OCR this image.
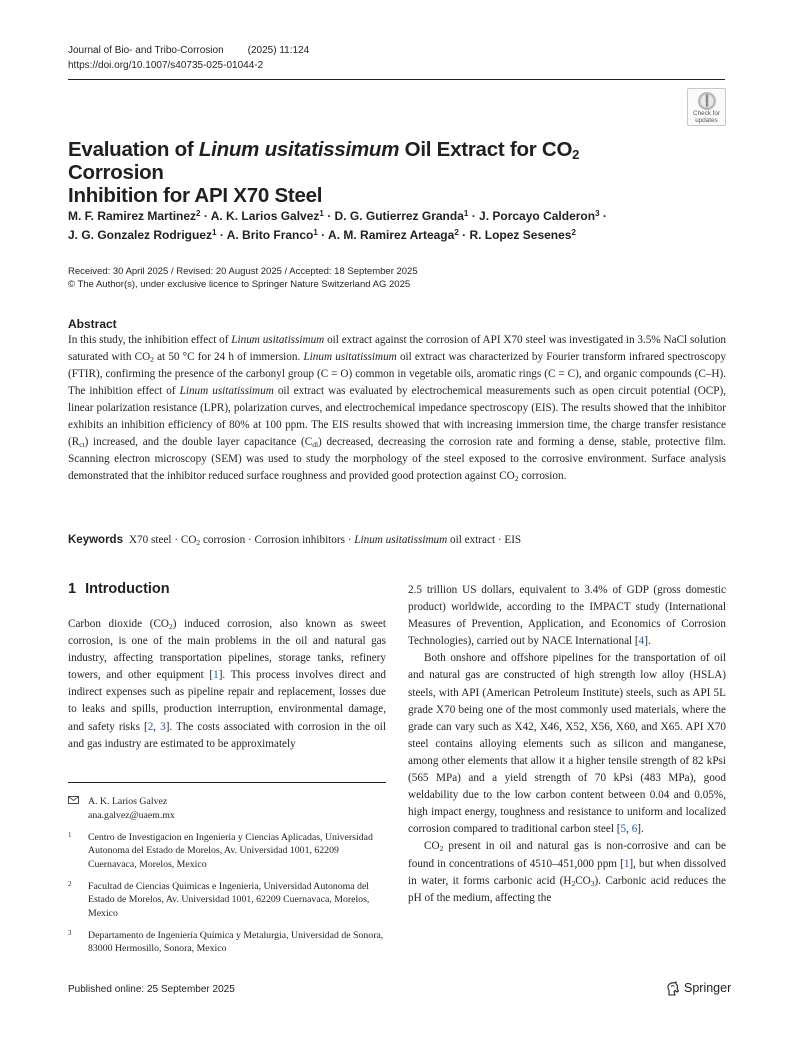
Journal of Bio- and Tribo-Corrosion (2025) 11:124
https://doi.org/10.1007/s40735-025-01044-2
Check for
updates
Evaluation of Linum usitatissimum Oil Extract for $CO_2$ Corrosion
Inhibition for API X70 Steel
M. F. Ramirez Martinez$^2$ · A. K. Larios Galvez$^1$ · D. G. Gutierrez Granda$^1$ · J. Porcayo Calderon$^3$ ·
J. G. Gonzalez Rodriguez$^1$ · A. Brito Franco$^1$ · A. M. Ramirez Arteaga$^2$ · R. Lopez Sesenes$^2$
Received: 30 April 2025 / Revised: 20 August 2025 / Accepted: 18 September 2025
© The Author(s), under exclusive licence to Springer Nature Switzerland AG 2025
Abstract

In this study, the inhibition effect of Linum usitatissimum oil extract against the corrosion of API X70 steel was investigated in 3.5% NaCl solution saturated with $CO_2$ at 50 °C for 24 h of immersion. Linum usitatissimum oil extract was characterized by Fourier transform infrared spectroscopy (FTIR), confirming the presence of the carbonyl group (C = O) common in vegetable oils, aromatic rings (C = C), and organic compounds (C–H). The inhibition effect of Linum usitatissimum oil extract was evaluated by electrochemical measurements such as open circuit potential (OCP), linear polarization resistance (LPR), polarization curves, and electrochemical impedance spectroscopy (EIS). The results showed that the inhibitor exhibits an inhibition efficiency of 80% at 100 ppm. The EIS results showed that with increasing immersion time, the charge transfer resistance $(R_{ct})$ increased, and the double layer capacitance $(C_{dl})$ decreased, decreasing the corrosion rate and forming a dense, stable, protective film. Scanning electron microscopy (SEM) was used to study the morphology of the steel exposed to the corrosive environment. Surface analysis demonstrated that the inhibitor reduced surface roughness and provided good protection against $CO_2$ corrosion.

Keywords X70 steel · $CO_2$ corrosion · Corrosion inhibitors · Linum usitatissimum oil extract · EIS
1 Introduction

Carbon dioxide $(CO_2)$ induced corrosion, also known as sweet corrosion, is one of the main problems in the oil and natural gas industry, affecting transportation pipelines, storage tanks, refinery towers, and other equipment [1]. This process involves direct and indirect expenses such as pipeline repair and replacement, losses due to leaks and spills, production interruption, environmental damage, and safety risks [2, 3]. The costs associated with corrosion in the oil and gas industry are estimated to be approximately

2.5 trillion US dollars, equivalent to 3.4% of GDP (gross domestic product) worldwide, according to the IMPACT study (International Measures of Prevention, Application, and Economics of Corrosion Technologies), carried out by NACE International [4].

Both onshore and offshore pipelines for the transportation of oil and natural gas are constructed of high strength low alloy (HSLA) steels, with API (American Petroleum Institute) steels, such as API 5L grade X70 being one of the most commonly used materials, where the grade can vary such as X42, X46, X52, X56, X60, and X65. API X70 steel contains alloying elements such as silicon and manganese, among other elements that allow it a higher tensile strength of 82 kPsi (565 MPa) and a yield strength of 70 kPsi (483 MPa), good weldability due to the low carbon content between 0.04 and 0.05%, high impact energy, toughness and resistance to uniform and localized corrosion compared to traditional carbon steel [5, 6].

$CO_2$ present in oil and natural gas is non-corrosive and can be found in concentrations of 4510–451,000 ppm [1], but when dissolved in water, it forms carbonic acid $(H_2CO_3)$. Carbonic acid reduces the pH of the medium, affecting the

A. K. Larios Galvez
ana.galvez@uaem.mx
$^1$	Centro de Investigacion en Ingenieria y Ciencias Aplicadas, Universidad Autonoma del Estado de Morelos, Av. Universidad 1001, 62209 Cuernavaca, Morelos, Mexico
$^2$	Facultad de Ciencias Quimicas e Ingenieria, Universidad Autonoma del Estado de Morelos, Av. Universidad 1001, 62209 Cuernavaca, Morelos, Mexico
$^3$	Departamento de Ingeniería Química y Metalurgia, Universidad de Sonora, 83000 Hermosillo, Sonora, Mexico
Published online: 25 September 2025	Springer
